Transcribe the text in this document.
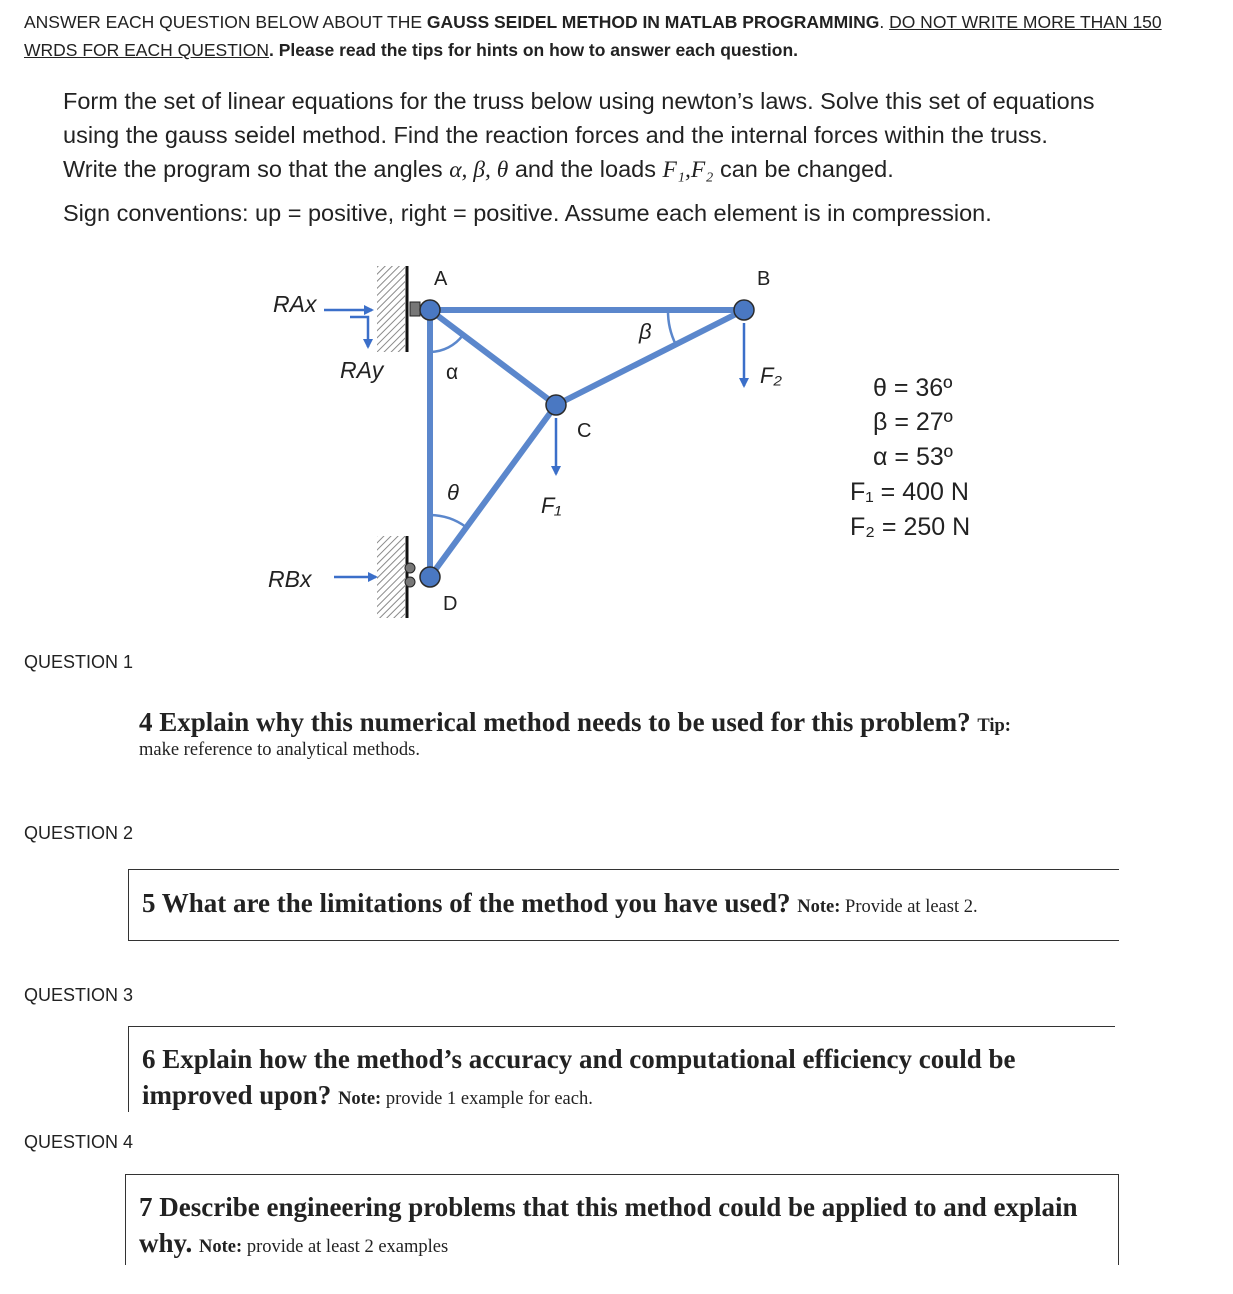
ANSWER EACH QUESTION BELOW ABOUT THE GAUSS SEIDEL METHOD IN MATLAB PROGRAMMING. DO NOT WRITE MORE THAN 150 WRDS FOR EACH QUESTION. Please read the tips for hints on how to answer each question.

Form the set of linear equations for the truss below using newton’s laws. Solve this set of equations

using the gauss seidel method. Find the reaction forces and the internal forces within the truss.

Write the program so that the angles α, β, θ and the loads F₁,F₂ can be changed.

Sign conventions: up = positive, right = positive. Assume each element is in compression.
A	B
C
D
RAx
RAy
RBx
α
β
θ
F₁
F₂	θ = 36º
β = 27º
α = 53º
F₁ = 400 N
F₂ = 250 N
QUESTION 1
4 Explain why this numerical method needs to be used for this problem? Tip:
make reference to analytical methods.
QUESTION 2
5 What are the limitations of the method you have used? Note: Provide at least 2.
QUESTION 3
6 Explain how the method’s accuracy and computational efficiency could be improved upon? Note: provide 1 example for each.
QUESTION 4
7 Describe engineering problems that this method could be applied to and explain why. Note: provide at least 2 examples
